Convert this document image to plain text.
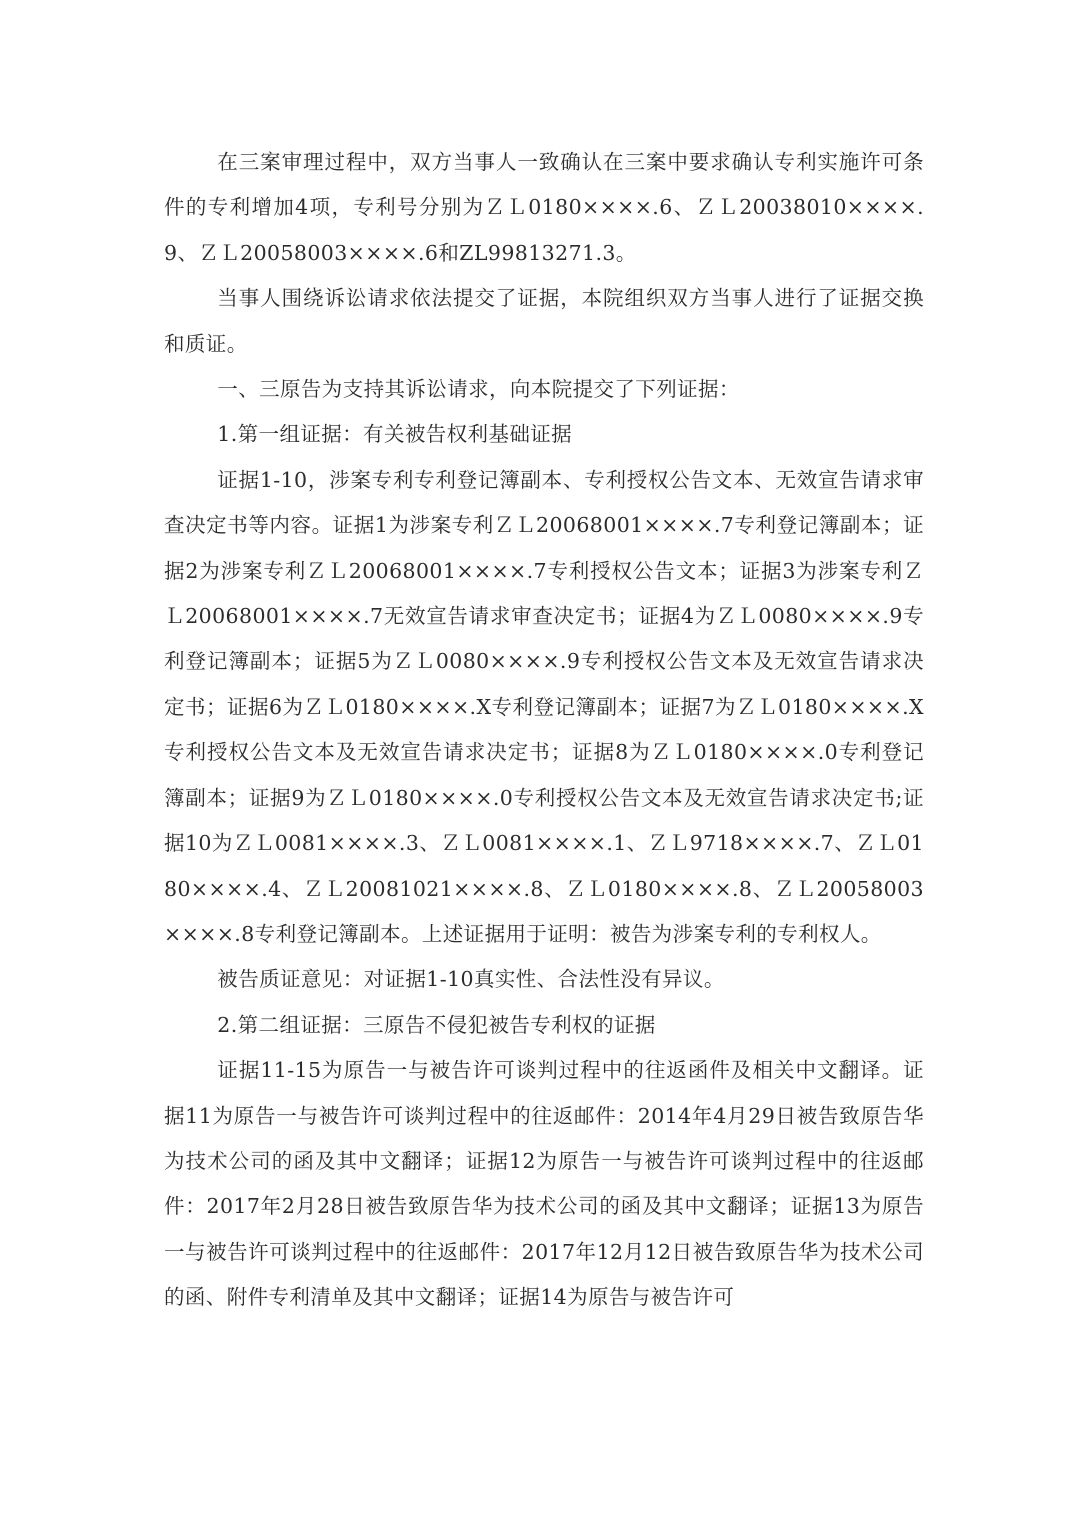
在三案审理过程中，双方当事人一致确认在三案中要求确认专利实施许可条件的专利增加4项，专利号分别为ＺＬ0180××××.6、ＺＬ20038010××××.9、ＺＬ20058003××××.6和ZL99813271.3。

当事人围绕诉讼请求依法提交了证据，本院组织双方当事人进行了证据交换和质证。

一、三原告为支持其诉讼请求，向本院提交了下列证据：

1.第一组证据：有关被告权利基础证据

证据1-10，涉案专利专利登记簿副本、专利授权公告文本、无效宣告请求审查决定书等内容。证据1为涉案专利ＺＬ20068001××××.7专利登记簿副本；证据2为涉案专利ＺＬ20068001××××.7专利授权公告文本；证据3为涉案专利ＺＬ20068001××××.7无效宣告请求审查决定书；证据4为ＺＬ0080××××.9专利登记簿副本；证据5为ＺＬ0080××××.9专利授权公告文本及无效宣告请求决定书；证据6为ＺＬ0180××××.X专利登记簿副本；证据7为ＺＬ0180××××.X专利授权公告文本及无效宣告请求决定书；证据8为ＺＬ0180××××.0专利登记簿副本；证据9为ＺＬ0180××××.0专利授权公告文本及无效宣告请求决定书;证据10为ＺＬ0081××××.3、ＺＬ0081××××.1、ＺＬ9718××××.7、ＺＬ0180××××.4、ＺＬ20081021××××.8、ＺＬ0180××××.8、ＺＬ20058003××××.8专利登记簿副本。上述证据用于证明：被告为涉案专利的专利权人。

被告质证意见：对证据1-10真实性、合法性没有异议。

2.第二组证据：三原告不侵犯被告专利权的证据

证据11-15为原告一与被告许可谈判过程中的往返函件及相关中文翻译。证据11为原告一与被告许可谈判过程中的往返邮件：2014年4月29日被告致原告华为技术公司的函及其中文翻译；证据12为原告一与被告许可谈判过程中的往返邮件：2017年2月28日被告致原告华为技术公司的函及其中文翻译；证据13为原告一与被告许可谈判过程中的往返邮件：2017年12月12日被告致原告华为技术公司的函、附件专利清单及其中文翻译；证据14为原告与被告许可
